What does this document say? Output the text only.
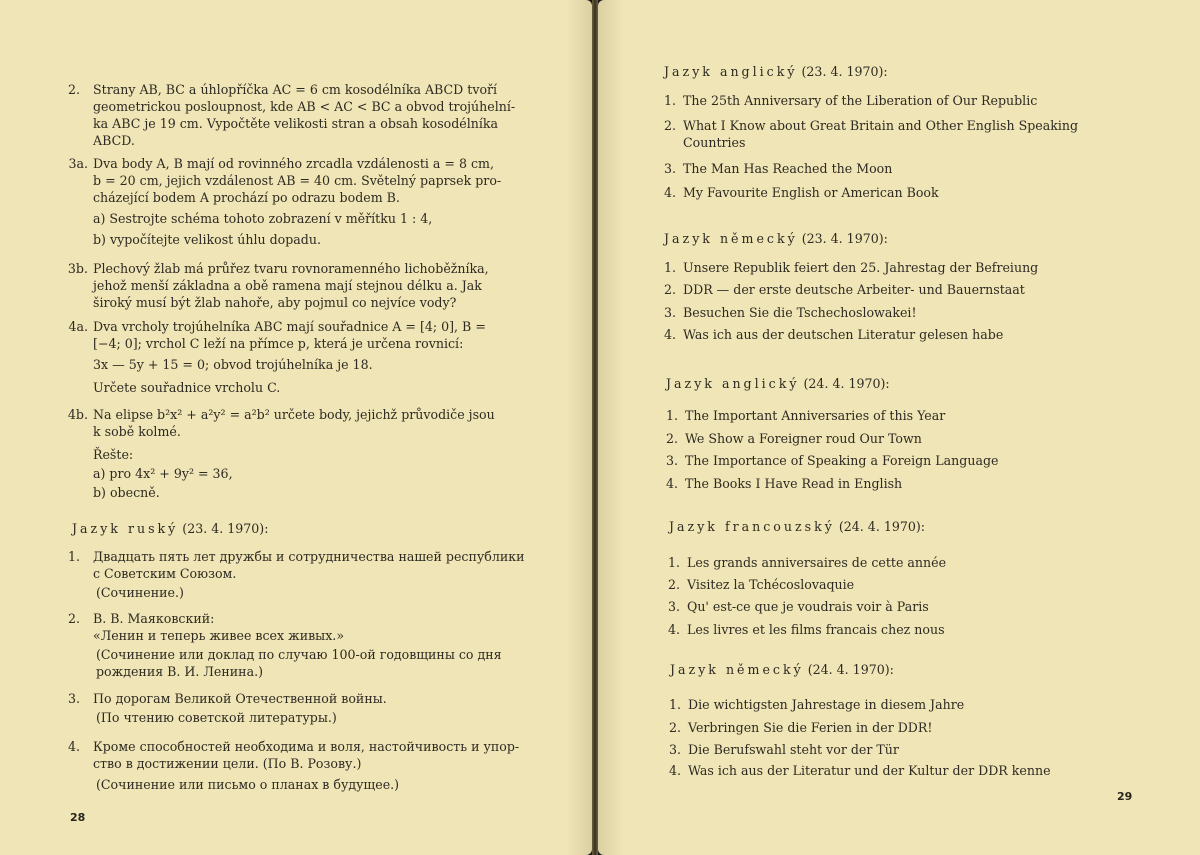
2. Strany AB, BC a úhlopříčka AC = 6 cm kosodélníka ABCD tvoří
geometrickou posloupnost, kde AB < AC < BC a obvod trojúhelní-
ka ABC je 19 cm. Vypočtěte velikosti stran a obsah kosodélníka
ABCD.
3a. Dva body A, B mají od rovinného zrcadla vzdálenosti a = 8 cm,
b = 20 cm, jejich vzdálenost AB = 40 cm. Světelný paprsek pro-
cházející bodem A prochází po odrazu bodem B.
a) Sestrojte schéma tohoto zobrazení v měřítku 1 : 4,
b) vypočítejte velikost úhlu dopadu.
3b. Plechový žlab má průřez tvaru rovnoramenného lichoběžníka,
jehož menší základna a obě ramena mají stejnou délku a. Jak
široký musí být žlab nahoře, aby pojmul co nejvíce vody?
4a. Dva vrcholy trojúhelníka ABC mají souřadnice A = [4; 0], B =
[−4; 0]; vrchol C leží na přímce p, která je určena rovnicí:
3x — 5y + 15 = 0; obvod trojúhelníka je 18.
Určete souřadnice vrcholu C.
4b. Na elipse b²x² + a²y² = a²b² určete body, jejichž průvodiče jsou
k sobě kolmé.
Řešte:
a) pro 4x² + 9y² = 36,
b) obecně.
Jazyk ruský (23. 4. 1970):
1. Двадцать пять лет дружбы и сотрудничества нашей республики
с Советским Союзом.
(Сочинение.)
2. В. В. Маяковский:
«Ленин и теперь живее всех живых.»
(Сочинение или доклад по случаю 100-ой годовщины со дня
рождения В. И. Ленина.)
3. По дорогам Великой Отечественной войны.
(По чтению советской литературы.)
4. Кроме способностей необходима и воля, настойчивость и упор-
ство в достижении цели. (По В. Розову.)
(Сочинение или письмо о планах в будущее.)
28
Jazyk anglický (23. 4. 1970):
1. The 25th Anniversary of the Liberation of Our Republic
2. What I Know about Great Britain and Other English Speaking
Countries
3. The Man Has Reached the Moon
4. My Favourite English or American Book
Jazyk německý (23. 4. 1970):
1. Unsere Republik feiert den 25. Jahrestag der Befreiung
2. DDR — der erste deutsche Arbeiter- und Bauernstaat
3. Besuchen Sie die Tschechoslowakei!
4. Was ich aus der deutschen Literatur gelesen habe
Jazyk anglický (24. 4. 1970):
1. The Important Anniversaries of this Year
2. We Show a Foreigner roud Our Town
3. The Importance of Speaking a Foreign Language
4. The Books I Have Read in English
Jazyk francouzský (24. 4. 1970):
1. Les grands anniversaires de cette année
2. Visitez la Tchécoslovaquie
3. Qu' est-ce que je voudrais voir à Paris
4. Les livres et les films francais chez nous
Jazyk německý (24. 4. 1970):
1. Die wichtigsten Jahrestage in diesem Jahre
2. Verbringen Sie die Ferien in der DDR!
3. Die Berufswahl steht vor der Tür
4. Was ich aus der Literatur und der Kultur der DDR kenne
29
